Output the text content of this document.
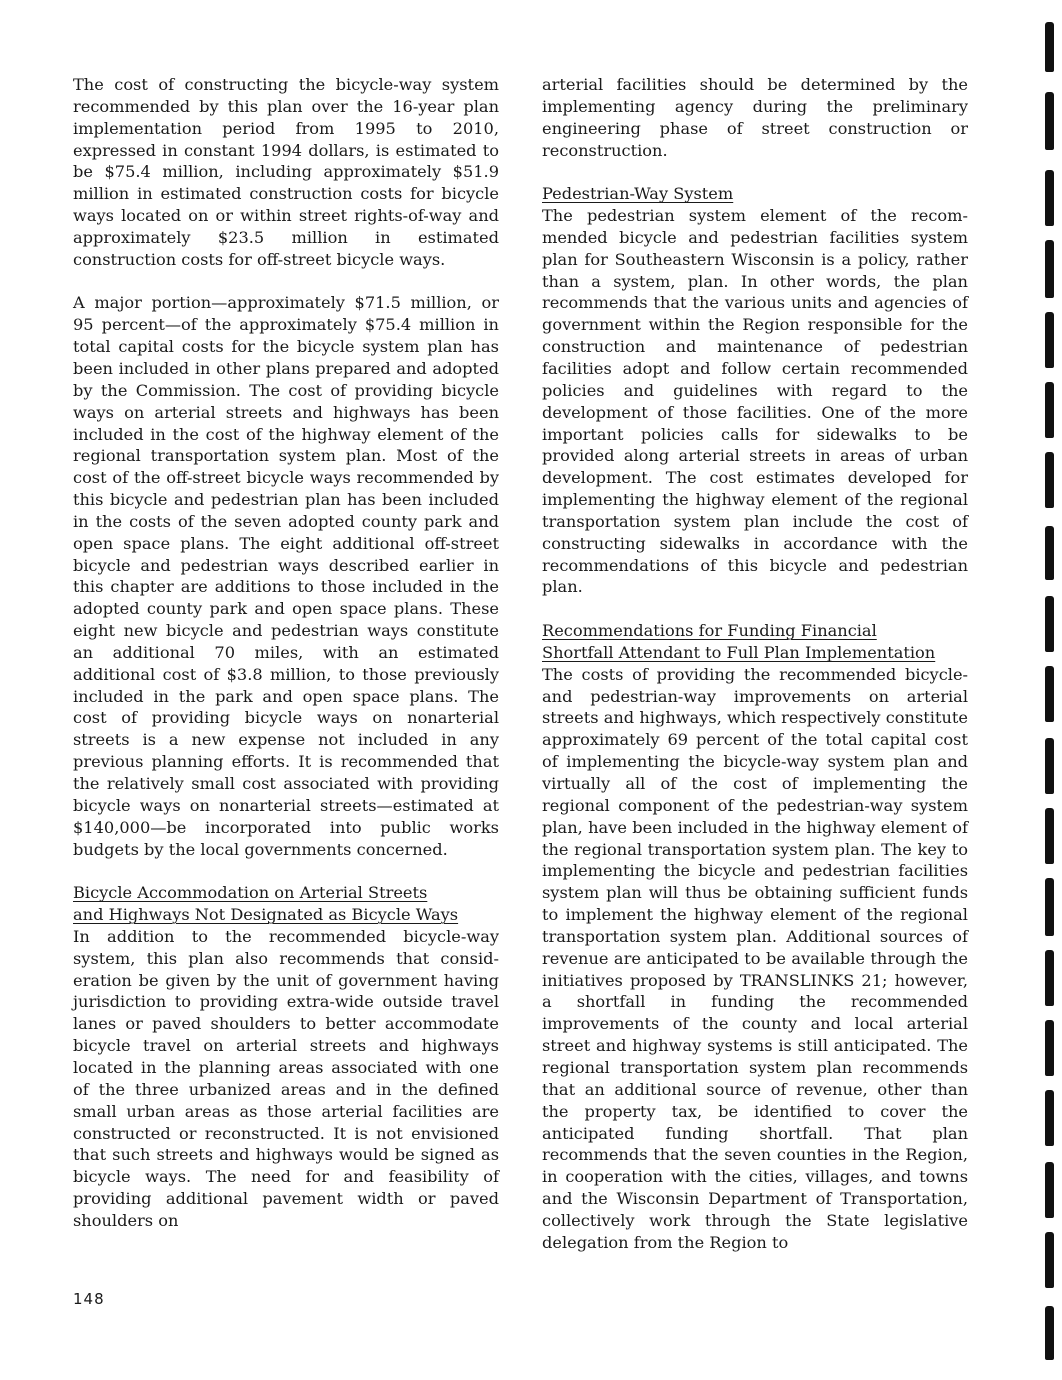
The cost of constructing the bicycle-way system recommended by this plan over the 16-year plan implementation period from 1995 to 2010, expressed in constant 1994 dollars, is estimated to be $75.4 million, including approximately $51.9 million in estimated construction costs for bicycle ways located on or within street rights-of-way and approximately $23.5 million in estimated construction costs for off-street bicycle ways.

A major portion—approximately $71.5 million, or 95 percent—of the approximately $75.4 million in total capital costs for the bicycle system plan has been included in other plans prepared and adopted by the Commission. The cost of providing bicycle ways on arterial streets and highways has been included in the cost of the highway element of the regional transportation system plan. Most of the cost of the off-street bicycle ways recommended by this bicycle and pedestrian plan has been included in the costs of the seven adopted county park and open space plans. The eight additional off-street bicycle and pedestrian ways described earlier in this chapter are additions to those included in the adopted county park and open space plans. These eight new bicycle and pedestrian ways constitute an additional 70 miles, with an estimated additional cost of $3.8 million, to those previously included in the park and open space plans. The cost of providing bicycle ways on nonarterial streets is a new expense not included in any previous planning efforts. It is recommended that the relatively small cost associated with providing bicycle ways on nonarterial streets—estimated at $140,000—be incorporated into public works budgets by the local governments concerned.

Bicycle Accommodation on Arterial Streets
and Highways Not Designated as Bicycle Ways

In addition to the recommended bicycle-way system, this plan also recommends that consideration be given by the unit of government having jurisdiction to providing extra-wide outside travel lanes or paved shoulders to better accommodate bicycle travel on arterial streets and highways located in the planning areas associated with one of the three urbanized areas and in the defined small urban areas as those arterial facilities are constructed or reconstructed. It is not envisioned that such streets and highways would be signed as bicycle ways. The need for and feasibility of providing additional pavement width or paved shoulders on

arterial facilities should be determined by the implementing agency during the preliminary engineering phase of street construction or reconstruction.

Pedestrian-Way System

The pedestrian system element of the recommended bicycle and pedestrian facilities system plan for Southeastern Wisconsin is a policy, rather than a system, plan. In other words, the plan recommends that the various units and agencies of government within the Region responsible for the construction and maintenance of pedestrian facilities adopt and follow certain recommended policies and guidelines with regard to the development of those facilities. One of the more important policies calls for sidewalks to be provided along arterial streets in areas of urban development. The cost estimates developed for implementing the highway element of the regional transportation system plan include the cost of constructing sidewalks in accordance with the recommendations of this bicycle and pedestrian plan.

Recommendations for Funding Financial
Shortfall Attendant to Full Plan Implementation

The costs of providing the recommended bicycle- and pedestrian-way improvements on arterial streets and highways, which respectively constitute approximately 69 percent of the total capital cost of implementing the bicycle-way system plan and virtually all of the cost of implementing the regional component of the pedestrian-way system plan, have been included in the highway element of the regional transportation system plan. The key to implementing the bicycle and pedestrian facilities system plan will thus be obtaining sufficient funds to implement the highway element of the regional transportation system plan. Additional sources of revenue are anticipated to be available through the initiatives proposed by TRANSLINKS 21; however, a shortfall in funding the recommended improvements of the county and local arterial street and highway systems is still anticipated. The regional transportation system plan recommends that an additional source of revenue, other than the property tax, be identified to cover the anticipated funding shortfall. That plan recommends that the seven counties in the Region, in cooperation with the cities, villages, and towns and the Wisconsin Department of Transportation, collectively work through the State legislative delegation from the Region to

148
